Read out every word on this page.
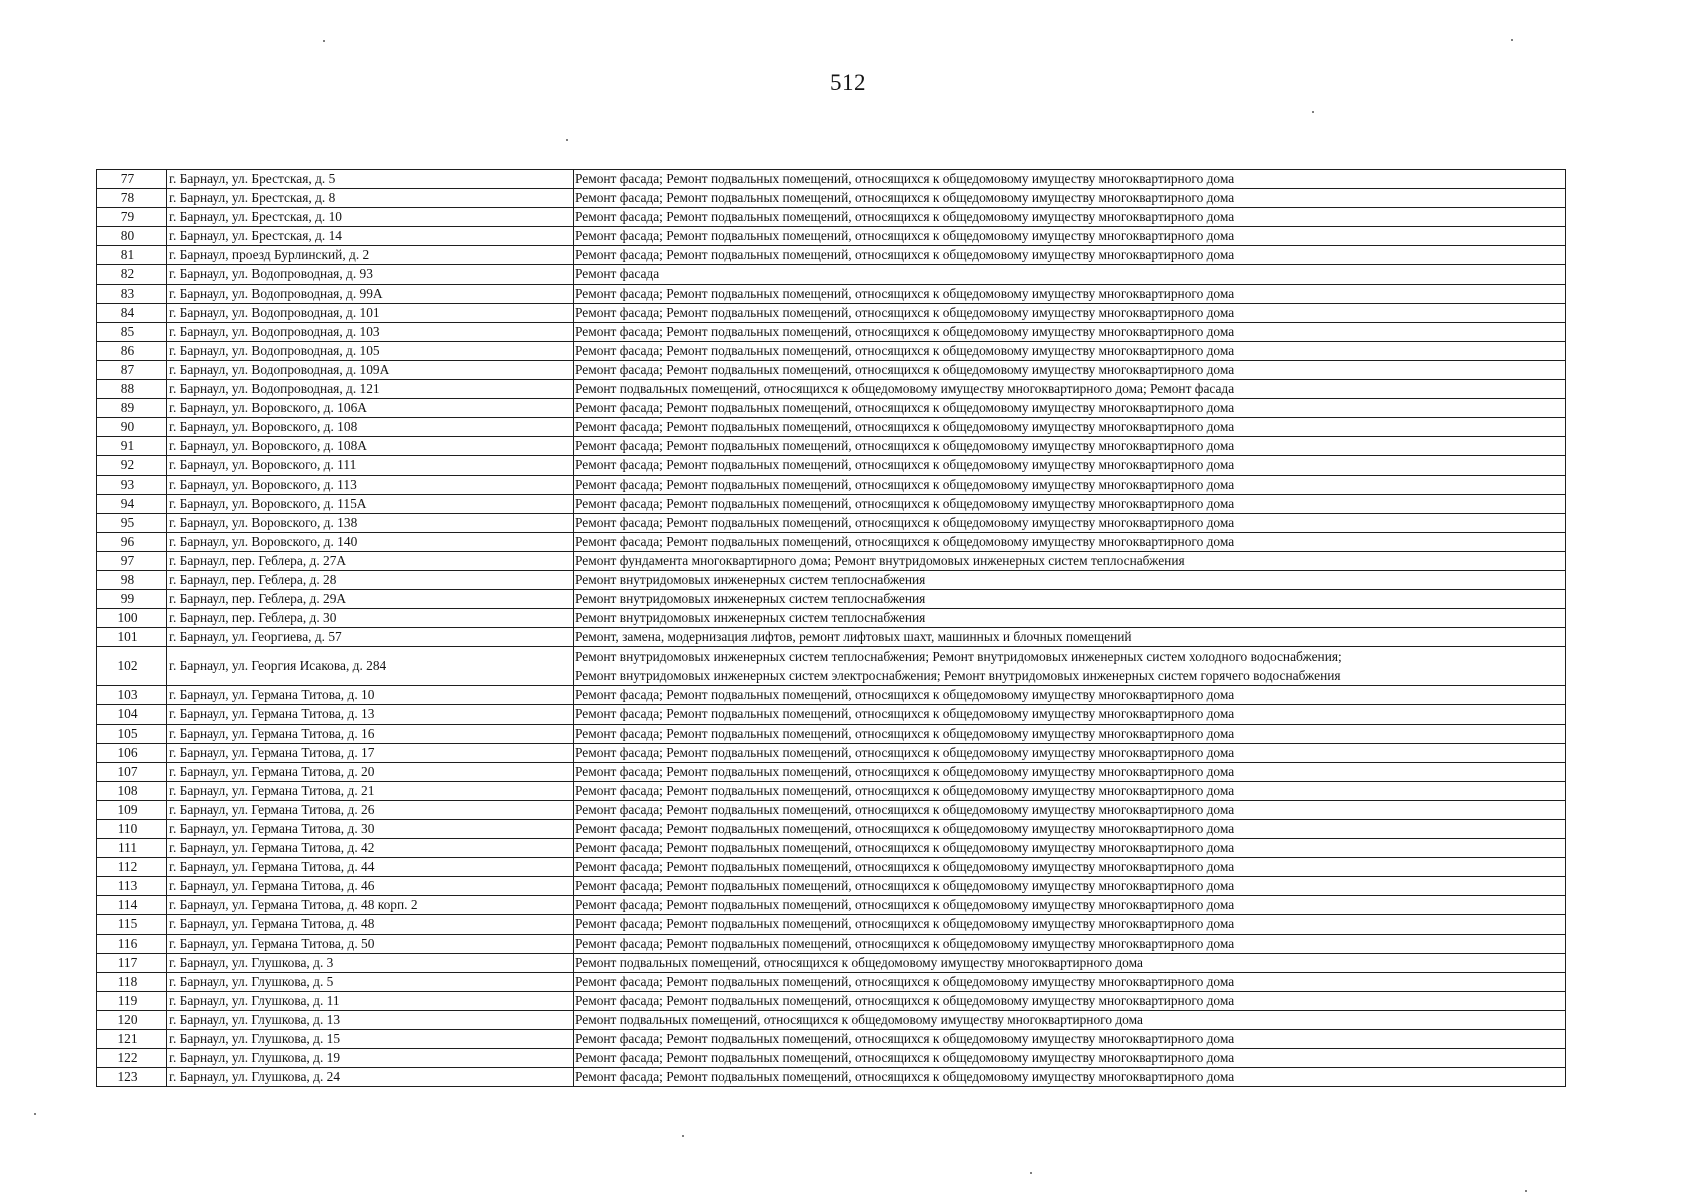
512
77	г. Барнаул, ул. Брестская, д. 5	Ремонт фасада; Ремонт подвальных помещений, относящихся к общедомовому имуществу многоквартирного дома

78	г. Барнаул, ул. Брестская, д. 8	Ремонт фасада; Ремонт подвальных помещений, относящихся к общедомовому имуществу многоквартирного дома

79	г. Барнаул, ул. Брестская, д. 10	Ремонт фасада; Ремонт подвальных помещений, относящихся к общедомовому имуществу многоквартирного дома

80	г. Барнаул, ул. Брестская, д. 14	Ремонт фасада; Ремонт подвальных помещений, относящихся к общедомовому имуществу многоквартирного дома

81	г. Барнаул, проезд Бурлинский, д. 2	Ремонт фасада; Ремонт подвальных помещений, относящихся к общедомовому имуществу многоквартирного дома

82	г. Барнаул, ул. Водопроводная, д. 93	Ремонт фасада

83	г. Барнаул, ул. Водопроводная, д. 99А	Ремонт фасада; Ремонт подвальных помещений, относящихся к общедомовому имуществу многоквартирного дома

84	г. Барнаул, ул. Водопроводная, д. 101	Ремонт фасада; Ремонт подвальных помещений, относящихся к общедомовому имуществу многоквартирного дома

85	г. Барнаул, ул. Водопроводная, д. 103	Ремонт фасада; Ремонт подвальных помещений, относящихся к общедомовому имуществу многоквартирного дома

86	г. Барнаул, ул. Водопроводная, д. 105	Ремонт фасада; Ремонт подвальных помещений, относящихся к общедомовому имуществу многоквартирного дома

87	г. Барнаул, ул. Водопроводная, д. 109А	Ремонт фасада; Ремонт подвальных помещений, относящихся к общедомовому имуществу многоквартирного дома

88	г. Барнаул, ул. Водопроводная, д. 121	Ремонт подвальных помещений, относящихся к общедомовому имуществу многоквартирного дома; Ремонт фасада

89	г. Барнаул, ул. Воровского, д. 106А	Ремонт фасада; Ремонт подвальных помещений, относящихся к общедомовому имуществу многоквартирного дома

90	г. Барнаул, ул. Воровского, д. 108	Ремонт фасада; Ремонт подвальных помещений, относящихся к общедомовому имуществу многоквартирного дома

91	г. Барнаул, ул. Воровского, д. 108А	Ремонт фасада; Ремонт подвальных помещений, относящихся к общедомовому имуществу многоквартирного дома

92	г. Барнаул, ул. Воровского, д. 111	Ремонт фасада; Ремонт подвальных помещений, относящихся к общедомовому имуществу многоквартирного дома

93	г. Барнаул, ул. Воровского, д. 113	Ремонт фасада; Ремонт подвальных помещений, относящихся к общедомовому имуществу многоквартирного дома

94	г. Барнаул, ул. Воровского, д. 115А	Ремонт фасада; Ремонт подвальных помещений, относящихся к общедомовому имуществу многоквартирного дома

95	г. Барнаул, ул. Воровского, д. 138	Ремонт фасада; Ремонт подвальных помещений, относящихся к общедомовому имуществу многоквартирного дома

96	г. Барнаул, ул. Воровского, д. 140	Ремонт фасада; Ремонт подвальных помещений, относящихся к общедомовому имуществу многоквартирного дома

97	г. Барнаул, пер. Геблера, д. 27А	Ремонт фундамента многоквартирного дома; Ремонт внутридомовых инженерных систем теплоснабжения

98	г. Барнаул, пер. Геблера, д. 28	Ремонт внутридомовых инженерных систем теплоснабжения

99	г. Барнаул, пер. Геблера, д. 29А	Ремонт внутридомовых инженерных систем теплоснабжения

100	г. Барнаул, пер. Геблера, д. 30	Ремонт внутридомовых инженерных систем теплоснабжения

101	г. Барнаул, ул. Георгиева, д. 57	Ремонт, замена, модернизация лифтов, ремонт лифтовых шахт, машинных и блочных помещений

102	г. Барнаул, ул. Георгия Исакова, д. 284	Ремонт внутридомовых инженерных систем теплоснабжения; Ремонт внутридомовых инженерных систем холодного водоснабжения;
Ремонт внутридомовых инженерных систем электроснабжения; Ремонт внутридомовых инженерных систем горячего водоснабжения

103	г. Барнаул, ул. Германа Титова, д. 10	Ремонт фасада; Ремонт подвальных помещений, относящихся к общедомовому имуществу многоквартирного дома

104	г. Барнаул, ул. Германа Титова, д. 13	Ремонт фасада; Ремонт подвальных помещений, относящихся к общедомовому имуществу многоквартирного дома

105	г. Барнаул, ул. Германа Титова, д. 16	Ремонт фасада; Ремонт подвальных помещений, относящихся к общедомовому имуществу многоквартирного дома

106	г. Барнаул, ул. Германа Титова, д. 17	Ремонт фасада; Ремонт подвальных помещений, относящихся к общедомовому имуществу многоквартирного дома

107	г. Барнаул, ул. Германа Титова, д. 20	Ремонт фасада; Ремонт подвальных помещений, относящихся к общедомовому имуществу многоквартирного дома

108	г. Барнаул, ул. Германа Титова, д. 21	Ремонт фасада; Ремонт подвальных помещений, относящихся к общедомовому имуществу многоквартирного дома

109	г. Барнаул, ул. Германа Титова, д. 26	Ремонт фасада; Ремонт подвальных помещений, относящихся к общедомовому имуществу многоквартирного дома

110	г. Барнаул, ул. Германа Титова, д. 30	Ремонт фасада; Ремонт подвальных помещений, относящихся к общедомовому имуществу многоквартирного дома

111	г. Барнаул, ул. Германа Титова, д. 42	Ремонт фасада; Ремонт подвальных помещений, относящихся к общедомовому имуществу многоквартирного дома

112	г. Барнаул, ул. Германа Титова, д. 44	Ремонт фасада; Ремонт подвальных помещений, относящихся к общедомовому имуществу многоквартирного дома

113	г. Барнаул, ул. Германа Титова, д. 46	Ремонт фасада; Ремонт подвальных помещений, относящихся к общедомовому имуществу многоквартирного дома

114	г. Барнаул, ул. Германа Титова, д. 48 корп. 2	Ремонт фасада; Ремонт подвальных помещений, относящихся к общедомовому имуществу многоквартирного дома

115	г. Барнаул, ул. Германа Титова, д. 48	Ремонт фасада; Ремонт подвальных помещений, относящихся к общедомовому имуществу многоквартирного дома

116	г. Барнаул, ул. Германа Титова, д. 50	Ремонт фасада; Ремонт подвальных помещений, относящихся к общедомовому имуществу многоквартирного дома

117	г. Барнаул, ул. Глушкова, д. 3	Ремонт подвальных помещений, относящихся к общедомовому имуществу многоквартирного дома

118	г. Барнаул, ул. Глушкова, д. 5	Ремонт фасада; Ремонт подвальных помещений, относящихся к общедомовому имуществу многоквартирного дома

119	г. Барнаул, ул. Глушкова, д. 11	Ремонт фасада; Ремонт подвальных помещений, относящихся к общедомовому имуществу многоквартирного дома

120	г. Барнаул, ул. Глушкова, д. 13	Ремонт подвальных помещений, относящихся к общедомовому имуществу многоквартирного дома

121	г. Барнаул, ул. Глушкова, д. 15	Ремонт фасада; Ремонт подвальных помещений, относящихся к общедомовому имуществу многоквартирного дома

122	г. Барнаул, ул. Глушкова, д. 19	Ремонт фасада; Ремонт подвальных помещений, относящихся к общедомовому имуществу многоквартирного дома

123	г. Барнаул, ул. Глушкова, д. 24	Ремонт фасада; Ремонт подвальных помещений, относящихся к общедомовому имуществу многоквартирного дома
